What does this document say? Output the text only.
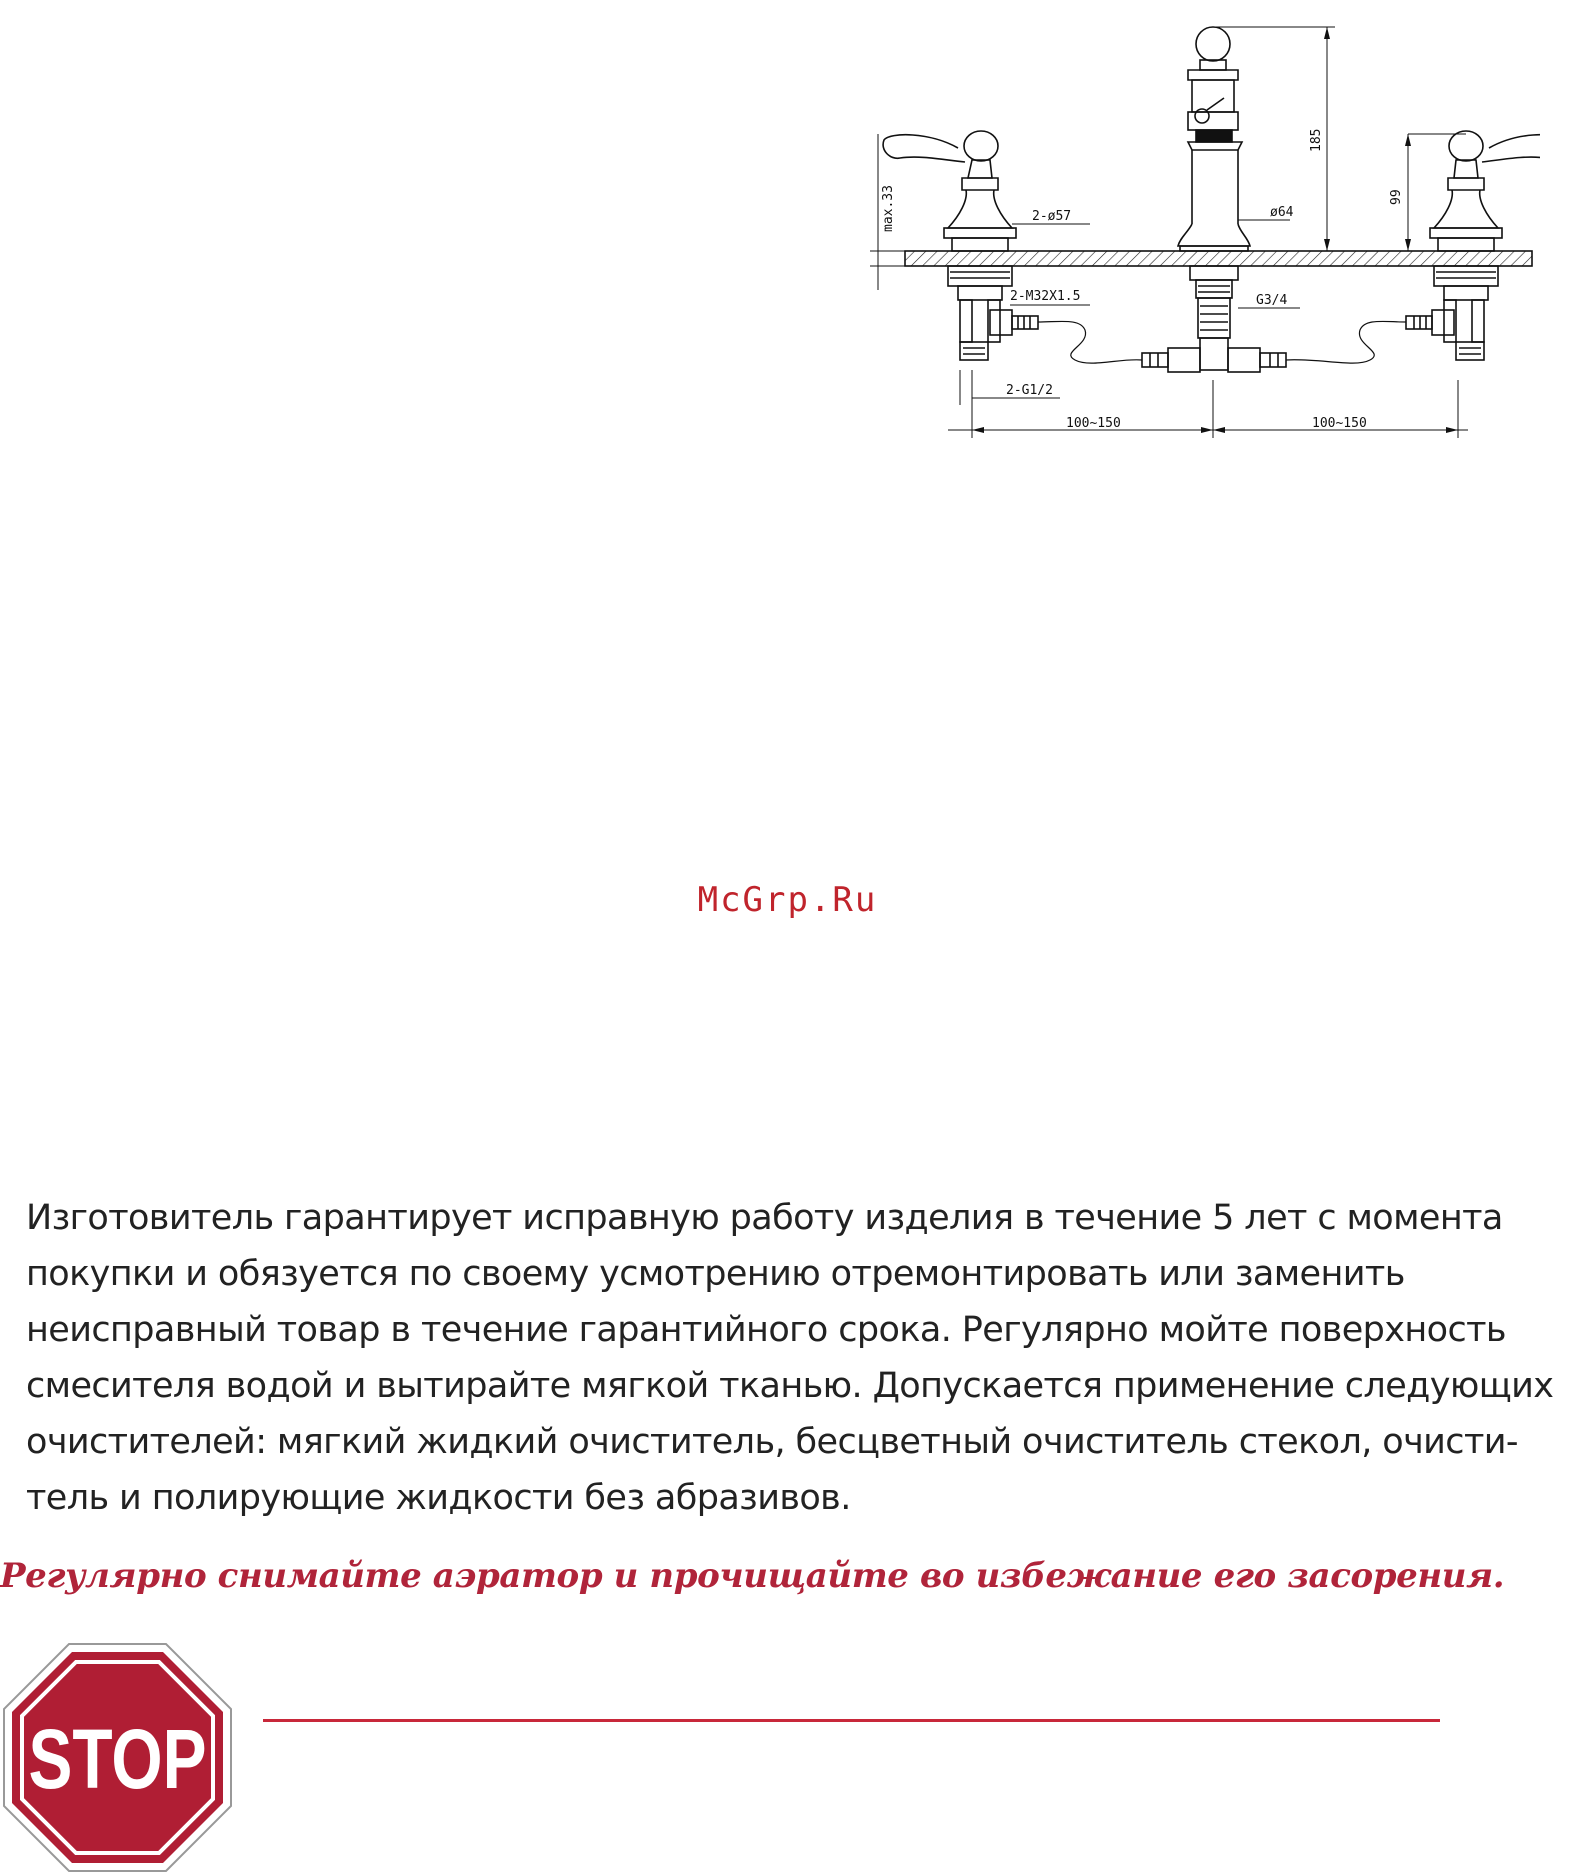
185
99
max.33	2-ø57	ø64
2-M32X1.5	G3/4
2-G1/2
100~150	100~150
McGrp.Ru

Изготовитель гарантирует исправную работу изделия в течение 5 лет с момента
покупки и обязуется по своему усмотрению отремонтировать или заменить
неисправный товар в течение гарантийного срока. Регулярно мойте поверхность
смесителя водой и вытирайте мягкой тканью. Допускается применение следующих
очистителей: мягкий жидкий очиститель, бесцветный очиститель стекол, очисти-
тель и полирующие жидкости без абразивов.

Регулярно снимайте аэратор и прочищайте во избежание его засорения.

STOP
